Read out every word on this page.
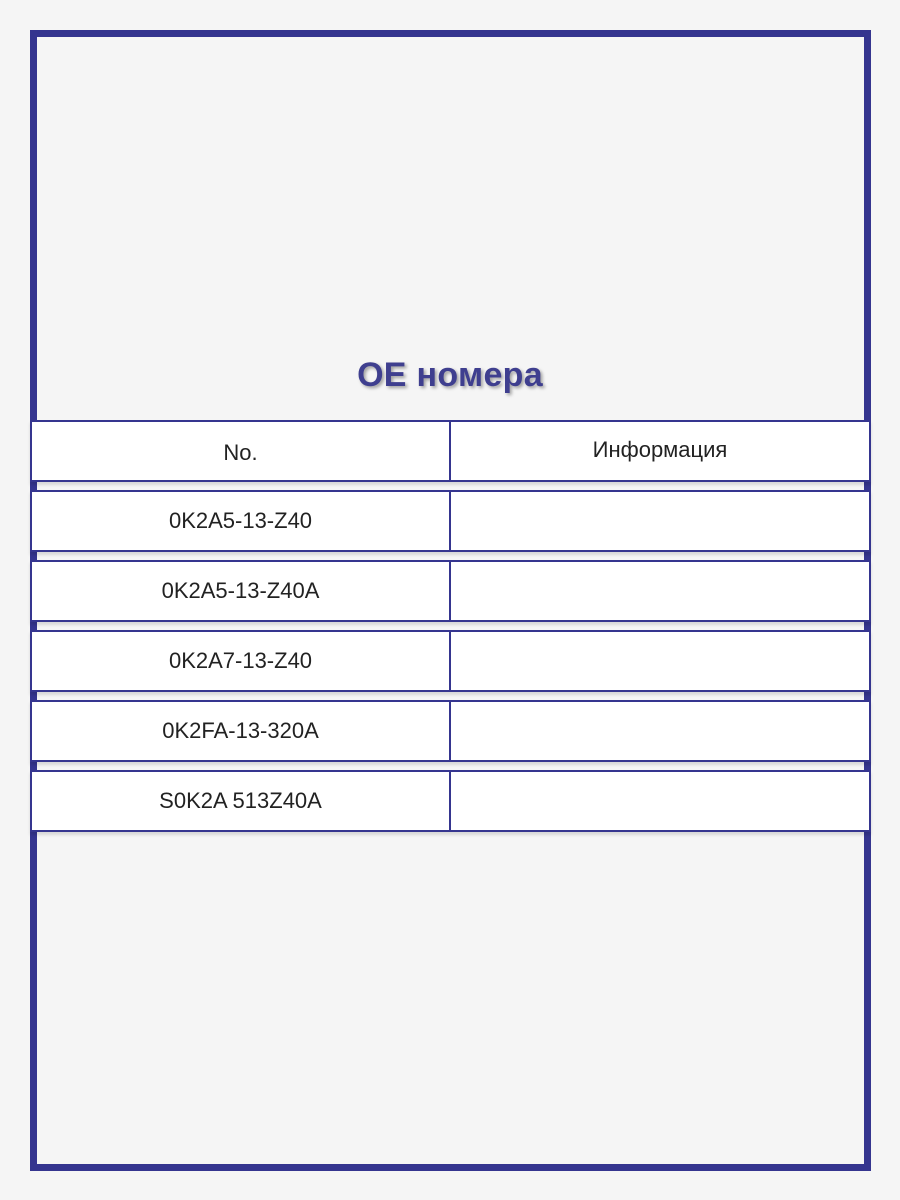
OE номера
No.	Информация
0K2A5-13-Z40
0K2A5-13-Z40A
0K2A7-13-Z40
0K2FA-13-320A
S0K2A 513Z40A
